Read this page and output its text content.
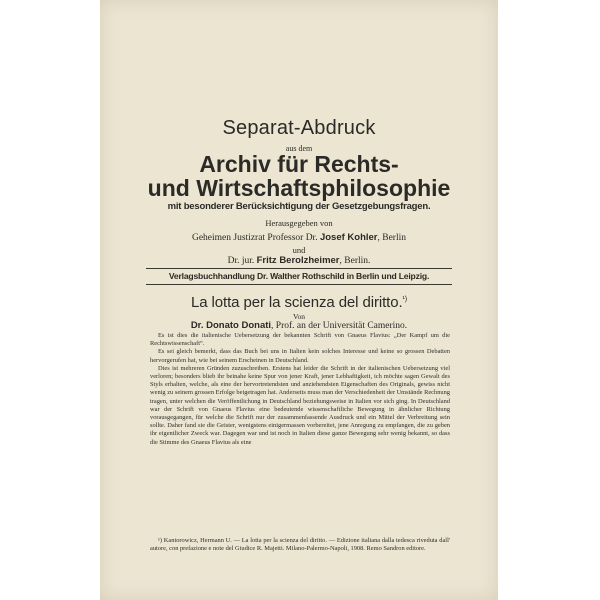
Separat-Abdruck
aus dem
Archiv für Rechts-
und Wirtschaftsphilosophie
mit besonderer Berücksichtigung der Gesetzgebungsfragen.
Herausgegeben von
Geheimen Justizrat Professor Dr. Josef Kohler, Berlin
und
Dr. jur. Fritz Berolzheimer, Berlin.
Verlagsbuchhandlung Dr. Walther Rothschild in Berlin und Leipzig.
La lotta per la scienza del diritto.$^{^1)}$
Von
Dr. Donato Donati, Prof. an der Universität Camerino.

Es ist dies die italienische Uebersetzung der bekannten Schrift von Gnaeus Flavius: „Der Kampf um die Rechtswissenschaft“.

Es sei gleich bemerkt, dass das Buch bei uns in Italien kein solches Interesse und keine so grossen Debatten hervorgerufen hat, wie bei seinem Erscheinen in Deutschland.

Dies ist mehreren Gründen zuzuschreiben. Erstens hat leider die Schrift in der italienischen Uebersetzung viel verloren; besonders blieb ihr beinahe keine Spur von jener Kraft, jener Lebhaftigkeit, ich möchte sagen Gewalt des Styls erhalten, welche, als eine der hervortretendsten und anziehendsten Eigenschaften des Originals, gewiss nicht wenig zu seinem grossen Erfolge beigetragen hat. Anderseits muss man der Verschiedenheit der Umstände Rechnung tragen, unter welchen die Veröffentlichung in Deutschland beziehungsweise in Italien vor sich ging. In Deutschland war der Schrift von Gnaeus Flavius eine bedeutende wissenschaftliche Bewegung in ähnlicher Richtung vorausgegangen, für welche die Schrift nur der zusammenfassende Ausdruck und ein Mittel der Verbreitung sein sollte. Daher fand sie die Geister, wenigstens einigermassen vorbereitet, jene Anregung zu empfangen, die zu geben ihr eigentlicher Zweck war. Dagegen war und ist noch in Italien diese ganze Bewegung sehr wenig bekannt, so dass die Stimme des Gnaeus Flavius als eine

¹) Kantorowicz, Hermann U. — La lotta per la scienza del diritto. — Edizione italiana dalla tedesca riveduta dall' autore, con prefazione e note del Giudice R. Majetti. Milano-Palermo-Napoli, 1908. Remo Sandron editore.
